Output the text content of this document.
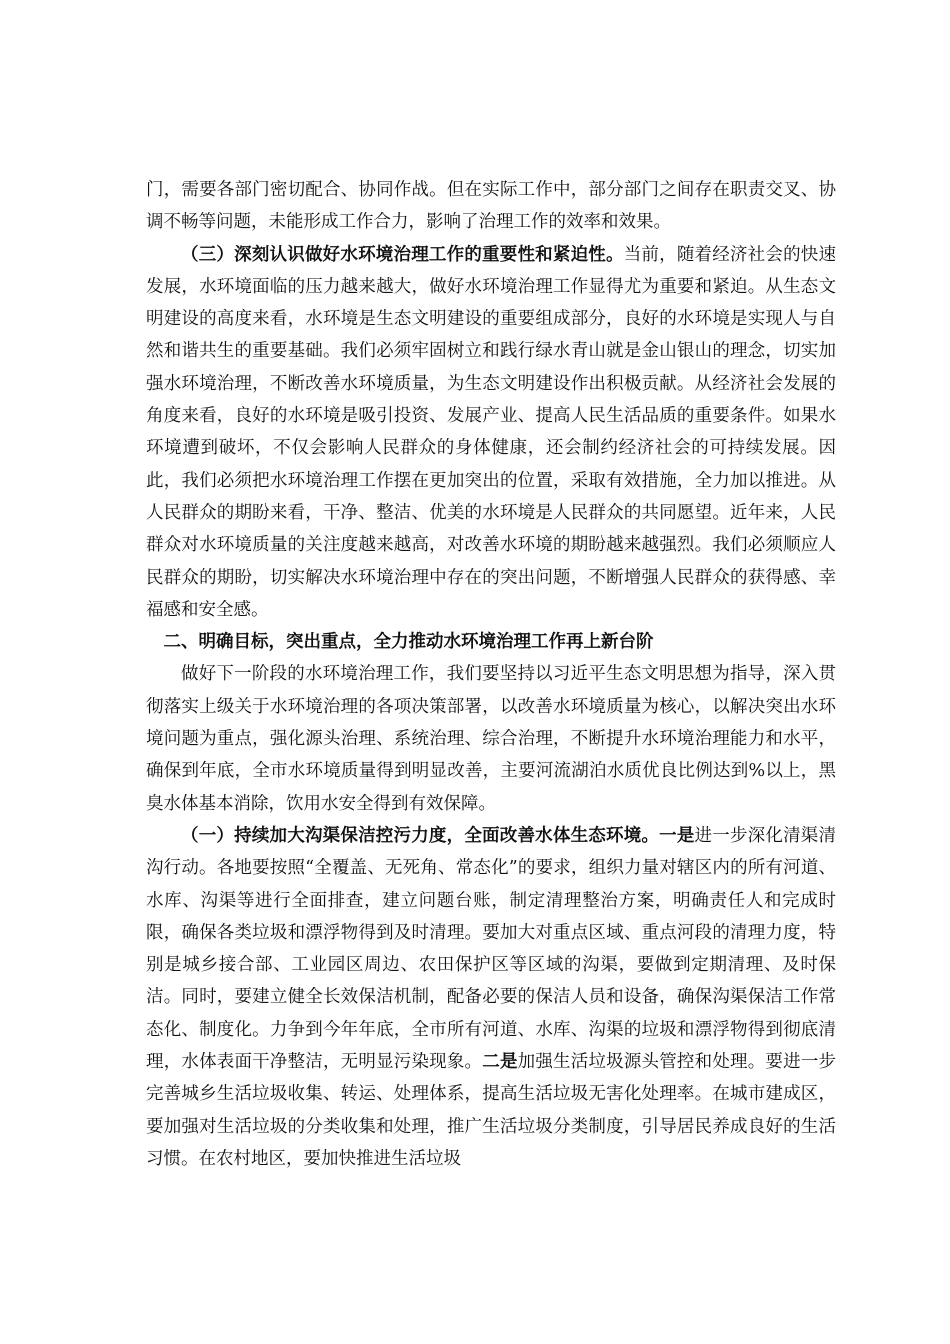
门，需要各部门密切配合、协同作战。但在实际工作中，部分部门之间存在职责交叉、协调不畅等问题，未能形成工作合力，影响了治理工作的效率和效果。

（三）深刻认识做好水环境治理工作的重要性和紧迫性。当前，随着经济社会的快速发展，水环境面临的压力越来越大，做好水环境治理工作显得尤为重要和紧迫。从生态文明建设的高度来看，水环境是生态文明建设的重要组成部分，良好的水环境是实现人与自然和谐共生的重要基础。我们必须牢固树立和践行绿水青山就是金山银山的理念，切实加强水环境治理，不断改善水环境质量，为生态文明建设作出积极贡献。从经济社会发展的角度来看，良好的水环境是吸引投资、发展产业、提高人民生活品质的重要条件。如果水环境遭到破坏，不仅会影响人民群众的身体健康，还会制约经济社会的可持续发展。因此，我们必须把水环境治理工作摆在更加突出的位置，采取有效措施，全力加以推进。从人民群众的期盼来看，干净、整洁、优美的水环境是人民群众的共同愿望。近年来，人民群众对水环境质量的关注度越来越高，对改善水环境的期盼越来越强烈。我们必须顺应人民群众的期盼，切实解决水环境治理中存在的突出问题，不断增强人民群众的获得感、幸福感和安全感。

二、明确目标，突出重点，全力推动水环境治理工作再上新台阶

做好下一阶段的水环境治理工作，我们要坚持以习近平生态文明思想为指导，深入贯彻落实上级关于水环境治理的各项决策部署，以改善水环境质量为核心，以解决突出水环境问题为重点，强化源头治理、系统治理、综合治理，不断提升水环境治理能力和水平，确保到年底，全市水环境质量得到明显改善，主要河流湖泊水质优良比例达到%以上，黑臭水体基本消除，饮用水安全得到有效保障。

（一）持续加大沟渠保洁控污力度，全面改善水体生态环境。一是进一步深化清渠清沟行动。各地要按照“全覆盖、无死角、常态化”的要求，组织力量对辖区内的所有河道、水库、沟渠等进行全面排查，建立问题台账，制定清理整治方案，明确责任人和完成时限，确保各类垃圾和漂浮物得到及时清理。要加大对重点区域、重点河段的清理力度，特别是城乡接合部、工业园区周边、农田保护区等区域的沟渠，要做到定期清理、及时保洁。同时，要建立健全长效保洁机制，配备必要的保洁人员和设备，确保沟渠保洁工作常态化、制度化。力争到今年年底，全市所有河道、水库、沟渠的垃圾和漂浮物得到彻底清理，水体表面干净整洁，无明显污染现象。二是加强生活垃圾源头管控和处理。要进一步完善城乡生活垃圾收集、转运、处理体系，提高生活垃圾无害化处理率。在城市建成区，要加强对生活垃圾的分类收集和处理，推广生活垃圾分类制度，引导居民养成良好的生活习惯。在农村地区，要加快推进生活垃圾
